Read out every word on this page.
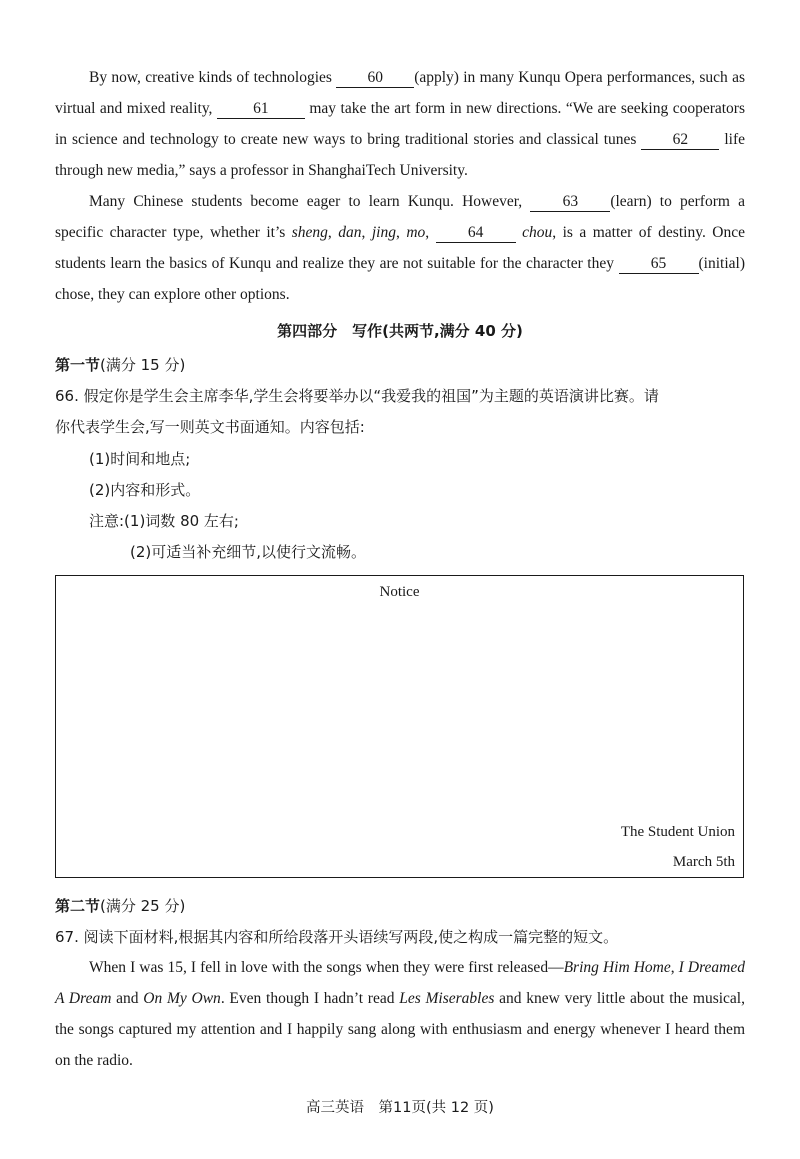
By now, creative kinds of technologies 60 (apply) in many Kunqu Opera performances, such as virtual and mixed reality, 61 may take the art form in new directions. “We are seeking cooperators in science and technology to create new ways to bring traditional stories and classical tunes 62 life through new media,” says a professor in ShanghaiTech University.

Many Chinese students become eager to learn Kunqu. However, 63 (learn) to perform a specific character type, whether it’s sheng, dan, jing, mo, 64 chou, is a matter of destiny. Once students learn the basics of Kunqu and realize they are not suitable for the character they 65 (initial) chose, they can explore other options.

第四部分　写作(共两节,满分 40 分)
第一节(满分 15 分)
66. 假定你是学生会主席李华,学生会将要举办以“我爱我的祖国”为主题的英语演讲比赛。请
你代表学生会,写一则英文书面通知。内容包括:
(1)时间和地点;
(2)内容和形式。
注意:(1)词数 80 左右;
(2)可适当补充细节,以使行文流畅。
Notice
The Student Union
March 5th
第二节(满分 25 分)
67. 阅读下面材料,根据其内容和所给段落开头语续写两段,使之构成一篇完整的短文。

When I was 15, I fell in love with the songs when they were first released—Bring Him Home, I Dreamed A Dream and On My Own. Even though I hadn’t read Les Miserables and knew very little about the musical, the songs captured my attention and I happily sang along with enthusiasm and energy whenever I heard them on the radio.

高三英语　第11页(共 12 页)
